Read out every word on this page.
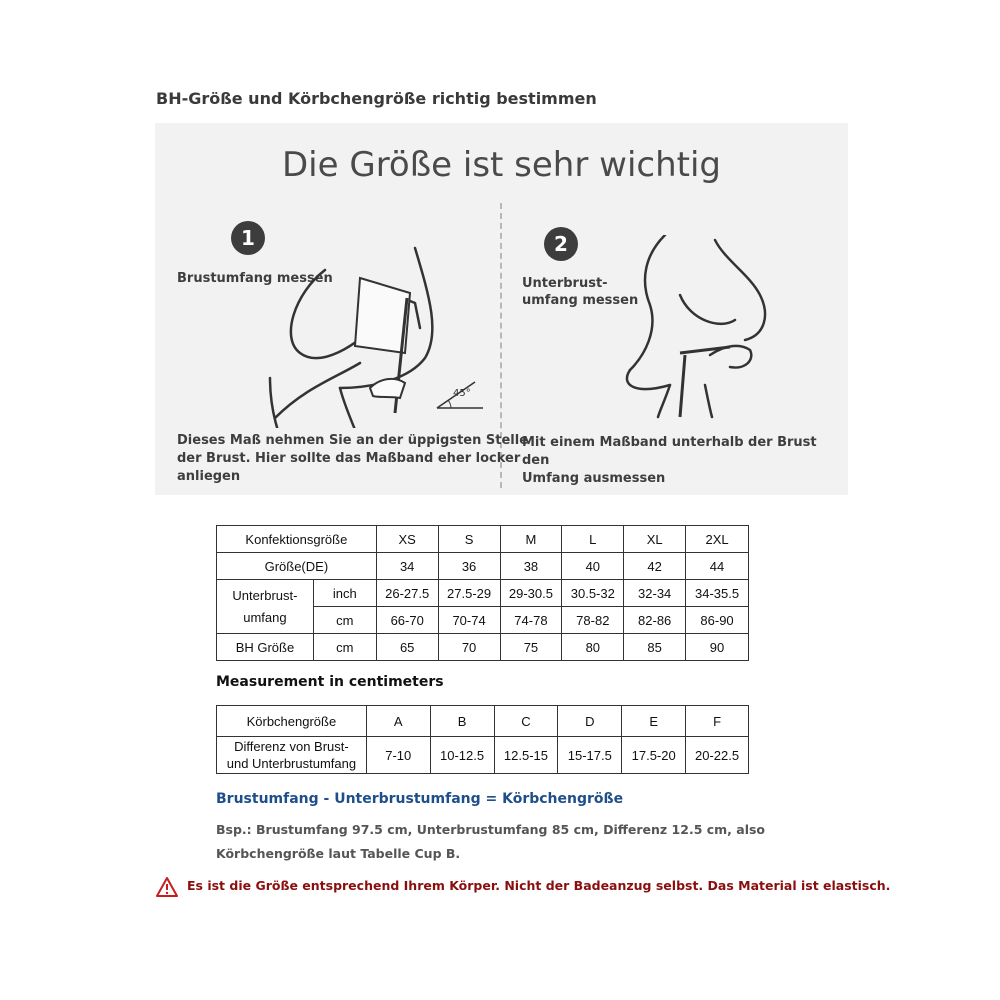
BH-Größe und Körbchengröße richtig bestimmen
Die Größe ist sehr wichtig
1
Brustumfang messen
45°
Dieses Maß nehmen Sie an der üppigsten Stelle
der Brust. Hier sollte das Maßband eher locker
anliegen
2
Unterbrust-
umfang messen
Mit einem Maßband unterhalb der Brust den
Umfang ausmessen
Konfektionsgröße		XS	S	M	L	XL	2XL
Größe(DE)		34	36	38	40	42	44

Unterbrust-
umfang	inch	26-27.5	27.5-29	29-30.5	30.5-32	32-34	34-35.5
	cm	66-70	70-74	74-78	78-82	82-86	86-90
BH Größe	cm	65	70	75	80	85	90
Measurement in centimeters
Körbchengröße	A	B	C	D	E	F

Differenz von Brust-
und Unterbrustumfang	7-10	10-12.5	12.5-15	15-17.5	17.5-20	20-22.5
Brustumfang - Unterbrustumfang = Körbchengröße
Bsp.: Brustumfang 97.5 cm, Unterbrustumfang 85 cm, Differenz 12.5 cm, also
Körbchengröße laut Tabelle Cup B.
Es ist die Größe entsprechend Ihrem Körper. Nicht der Badeanzug selbst. Das Material ist elastisch.
